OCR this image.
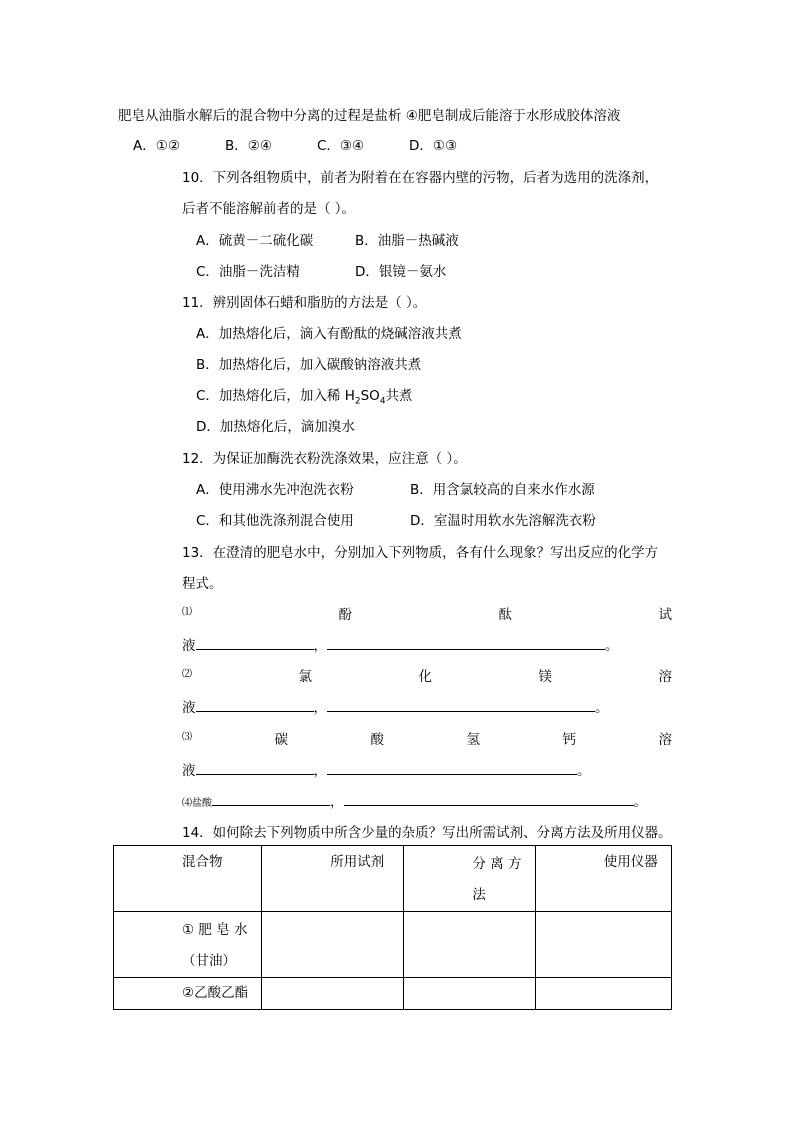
肥皂从油脂水解后的混合物中分离的过程是盐析 ④肥皂制成后能溶于水形成胶体溶液
A．①②	B．②④	C．③④	D．①③
10．下列各组物质中，前者为附着在在容器内壁的污物，后者为选用的洗涤剂，
后者不能溶解前者的是（ ）。
A．硫黄－二硫化碳	B．油脂－热碱液
C．油脂－洗洁精	D．银镜－氨水
11．辨别固体石蜡和脂肪的方法是（ ）。
A．加热熔化后，滴入有酚酞的烧碱溶液共煮
B．加热熔化后，加入碳酸钠溶液共煮
C．加热熔化后，加入稀 $H_2SO_4$共煮
D．加热熔化后，滴加溴水
12．为保证加酶洗衣粉洗涤效果，应注意（ ）。
A．使用沸水先冲泡洗衣粉	B．用含氯较高的自来水作水源
C．和其他洗涤剂混合使用	D．室温时用软水先溶解洗衣粉
13．在澄清的肥皂水中，分别加入下列物质，各有什么现象？写出反应的化学方
程式。
⑴	酚	酞	试
液	，	。
⑵	氯	化	镁	溶
液	，	。
⑶	碳	酸	氢	钙	溶
液	，	。
⑷盐酸	，	。
14．如何除去下列物质中所含少量的杂质？写出所需试剂、分离方法及所用仪器。
混合物	所用试剂	分 离 方 法	使用仪器

① 肥 皂 水（甘油）			

②乙酸乙酯			
